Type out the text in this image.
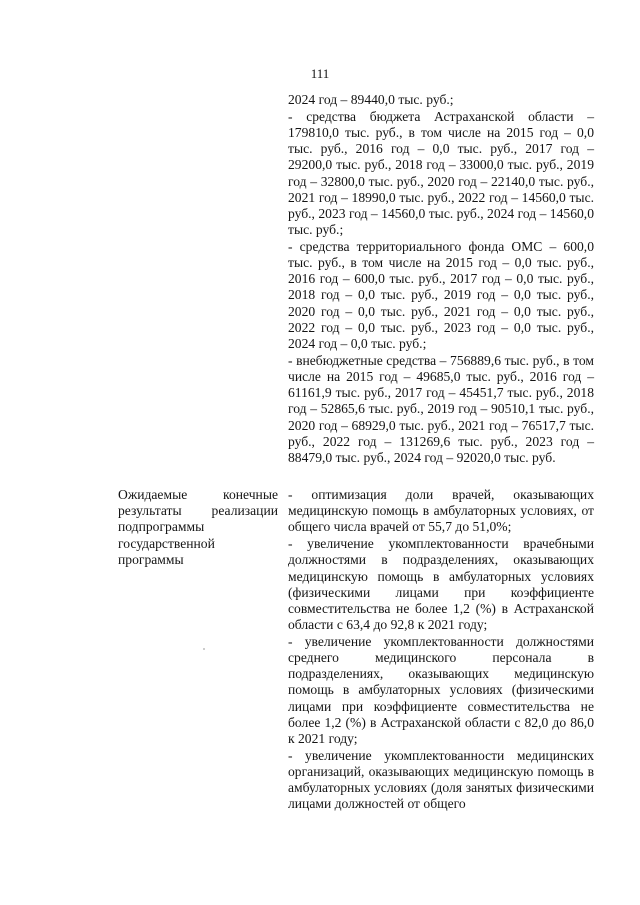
111

2024 год – 89440,0 тыс. руб.;

- средства бюджета Астраханской области – 179810,0 тыс. руб., в том числе на 2015 год – 0,0 тыс. руб., 2016 год – 0,0 тыс. руб., 2017 год – 29200,0 тыс. руб., 2018 год – 33000,0 тыс. руб., 2019 год – 32800,0 тыс. руб., 2020 год – 22140,0 тыс. руб., 2021 год – 18990,0 тыс. руб., 2022 год – 14560,0 тыс. руб., 2023 год – 14560,0 тыс. руб., 2024 год – 14560,0 тыс. руб.;

- средства территориального фонда ОМС – 600,0 тыс. руб., в том числе на 2015 год – 0,0 тыс. руб., 2016 год – 600,0 тыс. руб., 2017 год – 0,0 тыс. руб., 2018 год – 0,0 тыс. руб., 2019 год – 0,0 тыс. руб., 2020 год – 0,0 тыс. руб., 2021 год – 0,0 тыс. руб., 2022 год – 0,0 тыс. руб., 2023 год – 0,0 тыс. руб., 2024 год – 0,0 тыс. руб.;

- внебюджетные средства – 756889,6 тыс. руб., в том числе на 2015 год – 49685,0 тыс. руб., 2016 год – 61161,9 тыс. руб., 2017 год – 45451,7 тыс. руб., 2018 год – 52865,6 тыс. руб., 2019 год – 90510,1 тыс. руб., 2020 год – 68929,0 тыс. руб., 2021 год – 76517,7 тыс. руб., 2022 год – 131269,6 тыс. руб., 2023 год – 88479,0 тыс. руб., 2024 год – 92020,0 тыс. руб.

Ожидаемые конечные результаты реализации подпрограммы государственной программы

- оптимизация доли врачей, оказывающих медицинскую помощь в амбулаторных условиях, от общего числа врачей от 55,7 до 51,0%;

- увеличение укомплектованности врачебными должностями в подразделениях, оказывающих медицинскую помощь в амбулаторных условиях (физическими лицами при коэффициенте совместительства не более 1,2 (%) в Астраханской области с 63,4 до 92,8 к 2021 году;

- увеличение укомплектованности должностями среднего медицинского персонала в подразделениях, оказывающих медицинскую помощь в амбулаторных условиях (физическими лицами при коэффициенте совместительства не более 1,2 (%) в Астраханской области с 82,0 до 86,0 к 2021 году;

- увеличение укомплектованности медицинских организаций, оказывающих медицинскую помощь в амбулаторных условиях (доля занятых физическими лицами должностей от общего
